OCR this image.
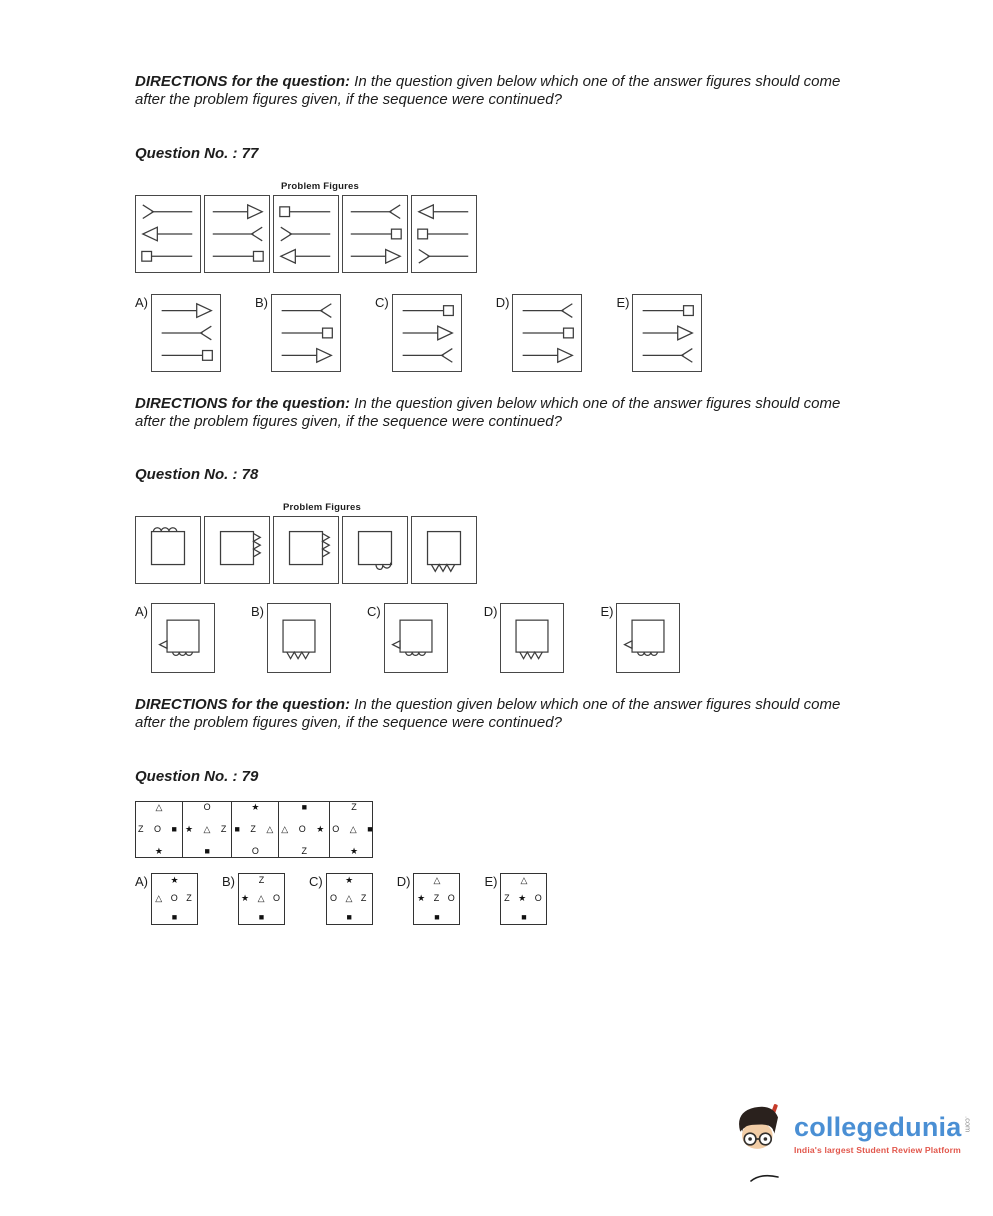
DIRECTIONS for the question: In the question given below which one of the answer figures should come after the problem figures given, if the sequence were continued?

Question No. : 77
Problem Figures
A)	B)	C)	D)	E)

DIRECTIONS for the question: In the question given below which one of the answer figures should come after the problem figures given, if the sequence were continued?

Question No. : 78
Problem Figures
A)	B)	C)	D)	E)

DIRECTIONS for the question: In the question given below which one of the answer figures should come after the problem figures given, if the sequence were continued?

Question No. : 79
△
Z O ■
★
O
★ △ Z
■
★
■ Z △
O
■
△ O ★
Z
Z
O △ ■
★
A)	★
△ O Z
■
B)	Z
★ △ O
■
C)	★
O △ Z
■
D)	△
★ Z O
■
E)	△
Z ★ O
■
collegedunia .com
India's largest Student Review Platform
